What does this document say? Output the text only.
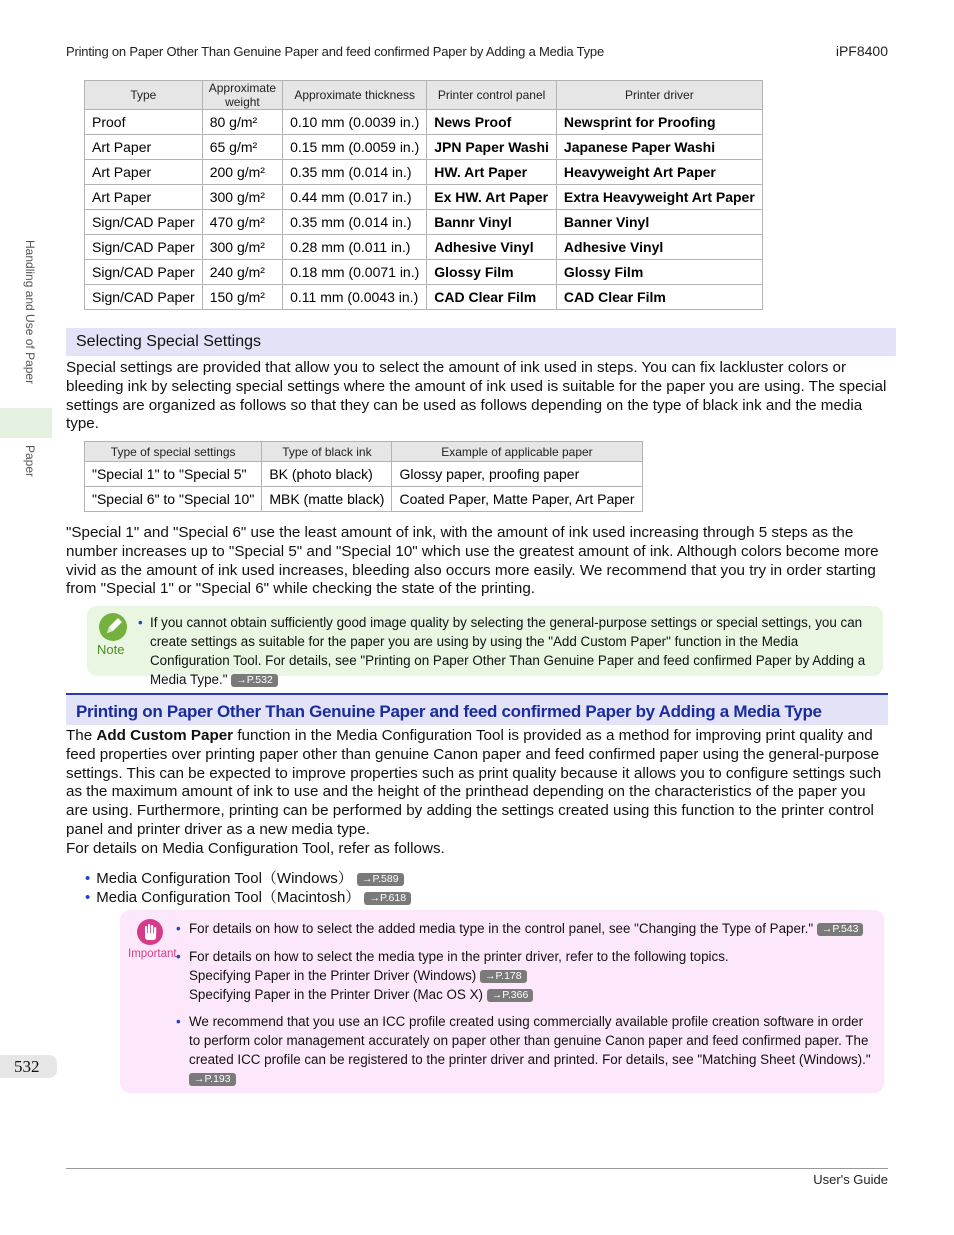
Printing on Paper Other Than Genuine Paper and feed confirmed Paper by Adding a Media Type	iPF8400
Handling and Use of Paper
Paper
532
Type	Approximate weight	Approximate thickness	Printer control panel	Printer driver
Proof	80 g/m²	0.10 mm (0.0039 in.)	News Proof	Newsprint for Proofing
Art Paper	65 g/m²	0.15 mm (0.0059 in.)	JPN Paper Washi	Japanese Paper Washi
Art Paper	200 g/m²	0.35 mm (0.014 in.)	HW. Art Paper	Heavyweight Art Paper
Art Paper	300 g/m²	0.44 mm (0.017 in.)	Ex HW. Art Paper	Extra Heavyweight Art Paper
Sign/CAD Paper	470 g/m²	0.35 mm (0.014 in.)	Bannr Vinyl	Banner Vinyl
Sign/CAD Paper	300 g/m²	0.28 mm (0.011 in.)	Adhesive Vinyl	Adhesive Vinyl
Sign/CAD Paper	240 g/m²	0.18 mm (0.0071 in.)	Glossy Film	Glossy Film
Sign/CAD Paper	150 g/m²	0.11 mm (0.0043 in.)	CAD Clear Film	CAD Clear Film
Selecting Special Settings
Special settings are provided that allow you to select the amount of ink used in steps. You can fix lackluster colors or bleeding ink by selecting special settings where the amount of ink used is suitable for the paper you are using. The special settings are organized as follows so that they can be used as follows depending on the type of black ink and the media type.
Type of special settings	Type of black ink	Example of applicable paper
"Special 1" to "Special 5"	BK (photo black)	Glossy paper, proofing paper
"Special 6" to "Special 10"	MBK (matte black)	Coated Paper, Matte Paper, Art Paper
"Special 1" and "Special 6" use the least amount of ink, with the amount of ink used increasing through 5 steps as the number increases up to "Special 5" and "Special 10" which use the greatest amount of ink. Although colors become more vivid as the amount of ink used increases, bleeding also occurs more easily. We recommend that you try in order starting from "Special 1" or "Special 6" while checking the state of the printing.
Note
• If you cannot obtain sufficiently good image quality by selecting the general-purpose settings or special settings, you can create settings as suitable for the paper you are using by using the "Add Custom Paper" function in the Media Configuration Tool. For details, see "Printing on Paper Other Than Genuine Paper and feed confirmed Paper by Adding a Media Type." →P.532
Printing on Paper Other Than Genuine Paper and feed confirmed Paper by Adding a Media Type
The Add Custom Paper function in the Media Configuration Tool is provided as a method for improving print quality and feed properties over printing paper other than genuine Canon paper and feed confirmed paper using the general-purpose settings. This can be expected to improve properties such as print quality because it allows you to configure settings such as the maximum amount of ink to use and the height of the printhead depending on the characteristics of the paper you are using. Furthermore, printing can be performed by adding the settings created using this function to the printer control panel and printer driver as a new media type.
For details on Media Configuration Tool, refer as follows.
• Media Configuration Tool（Windows） →P.589
• Media Configuration Tool（Macintosh） →P.618
Important
• For details on how to select the added media type in the control panel, see "Changing the Type of Paper." →P.543
• For details on how to select the media type in the printer driver, refer to the following topics.
Specifying Paper in the Printer Driver (Windows) →P.178
Specifying Paper in the Printer Driver (Mac OS X) →P.366
• We recommend that you use an ICC profile created using commercially available profile creation software in order to perform color management accurately on paper other than genuine Canon paper and feed confirmed paper. The created ICC profile can be registered to the printer driver and printed. For details, see "Matching Sheet (Windows)."
→P.193
User's Guide
